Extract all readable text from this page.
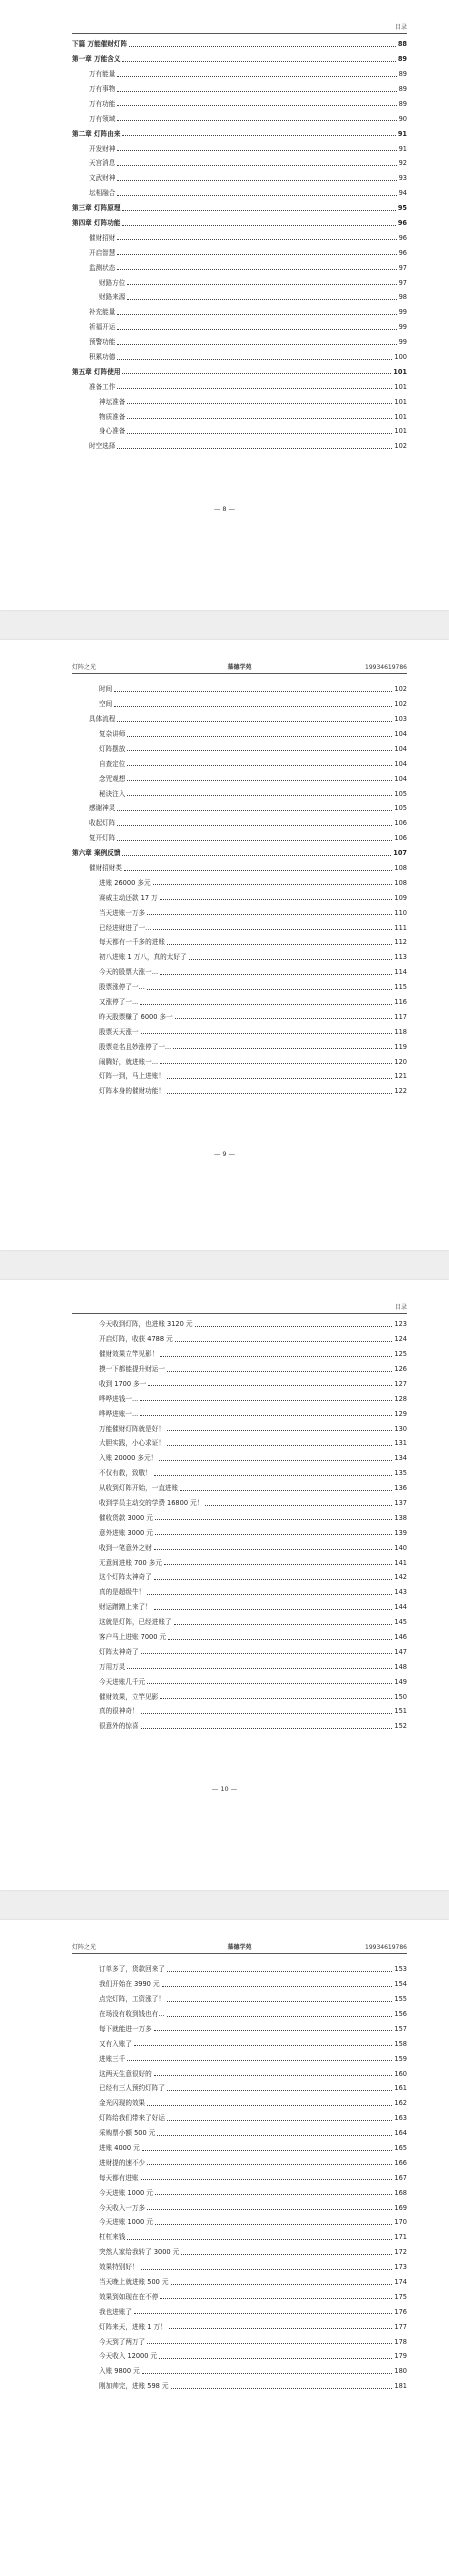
目录
下篇 万能催财灯阵	88
第一章 万能含义	89
万有能量	89
万有事物	89
万有功能	89
万有领域	90
第二章 灯阵由来	91
开发财神	91
天宫消息	92
文武财神	93
坛相融合	94
第三章 灯阵原理	95
第四章 灯阵功能	96
催财招财	96
开启智慧	96
监测状态	97
财路方位	97
财路来源	98
补充能量	99
祈福开运	99
预警功能	99
积累功德	100
第五章 灯阵使用	101
准备工作	101
神坛准备	101
物质准备	101
身心准备	101
时空选择	102
— 8 —
灯阵之光	慕德学苑	19934619786
时间	102
空间	102
具体流程	103
复杂讲师	104
灯阵摆放	104
自查定位	104
念咒观想	104
秘诀注入	105
感谢神灵	105
收起灯阵	106
复开灯阵	106
第六章 案例反馈	107
催财招财类	108
进账 26000 多元	108
赛威主动还款 17 万	109
当天进账一万多	110
已经进财进了一...	111
每天都有一千多的进账	112
初八进账 1 万八，真的太好了	113
今天的股票大涨一...	114
股票涨停了一...	115
又涨停了一...	116
昨天股票赚了 6000 多一	117
股票天天涨一	118
股票竞名且妙涨停了一...	119
闹腾好，就进账一...	120
灯阵一到，马上进账！	121
灯阵本身的催财功能！	122
— 9 —
目录
今天收到灯阵，也进账 3120 元	123
开启灯阵，收获 4788 元	124
催财效果立竿见影！	125
摸一下都能提升财运一	126
收到 1700 多一	127
哗哗进钱一...	128
哗哗进账一...	129
万能催财灯阵就是好！	130
大胆实践，小心求证！	131
入账 20000 多元！	134
不仅有救，致敬！	135
从收到灯阵开始，一直进账	136
收到学员主动交的学费 16800 元！	137
催收货款 3000 元	138
意外进账 3000 元	139
收到一笔意外之财	140
无意间进账 700 多元	141
这个灯阵太神奇了	142
真的是超级牛！	143
财运蹭蹭上来了！	144
这就是灯阵，已经进账了	145
客户马上进账 7000 元	146
灯阵太神奇了	147
万用万灵	148
今天进账几千元	149
催财效果，立竿见影	150
真的很神奇！	151
很意外的惊喜	152
— 10 —
灯阵之光	慕德学苑	19934619786
订单多了，货款回来了	153
我们开始在 3990 元	154
点完灯阵，工资涨了！	155
在场没有收到钱也有...	156
每下就能进一万多	157
又有入账了	158
进账三千	159
这两天生意很好的	160
已经有三人预约灯阵了	161
金光闪现的效果	162
灯阵给我们带来了好运	163
采购票小额 500 元	164
进账 4000 元	165
进财提的速不少	166
每天都有进账	167
今天进账 1000 元	168
今天收入一万多	169
今天进账 1000 元	170
杠杠来钱	171
突然人家给我转了 3000 元	172
效果特别好！	173
当天晚上就进账 500 元	174
效果到如现在在不停	175
我也进账了	176
灯阵来天，进账 1 万！	177
今天到了两万了	178
今天收入 12000 元	179
入账 9800 元	180
刚加帅完，进账 598 元	181
